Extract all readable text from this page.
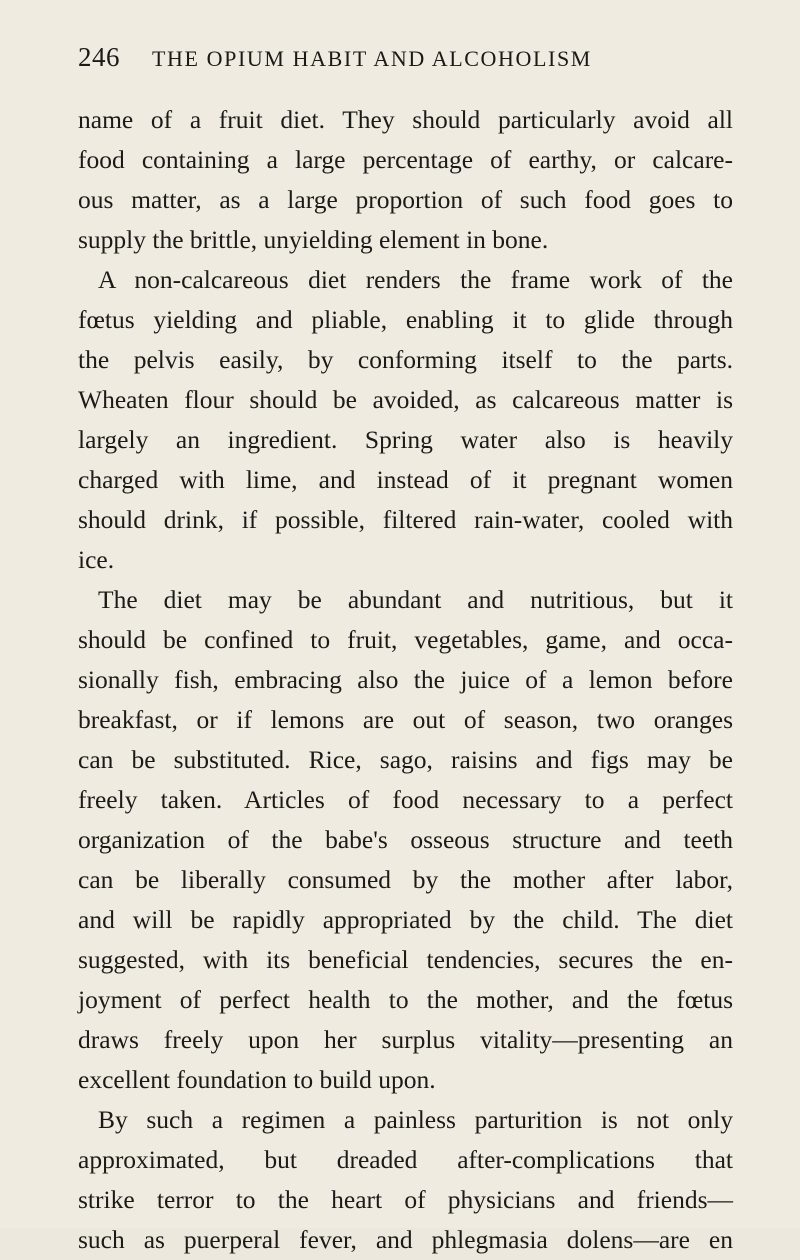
246 THE OPIUM HABIT AND ALCOHOLISM
name of a fruit diet. They should particularly avoid all
food containing a large percentage of earthy, or calcare-
ous matter, as a large proportion of such food goes to
supply the brittle, unyielding element in bone.
A non-calcareous diet renders the frame work of the
fœtus yielding and pliable, enabling it to glide through
the pelvis easily, by conforming itself to the parts.
Wheaten flour should be avoided, as calcareous matter is
largely an ingredient. Spring water also is heavily
charged with lime, and instead of it pregnant women
should drink, if possible, filtered rain-water, cooled with
ice.
The diet may be abundant and nutritious, but it
should be confined to fruit, vegetables, game, and occa-
sionally fish, embracing also the juice of a lemon before
breakfast, or if lemons are out of season, two oranges
can be substituted. Rice, sago, raisins and figs may be
freely taken. Articles of food necessary to a perfect
organization of the babe's osseous structure and teeth
can be liberally consumed by the mother after labor,
and will be rapidly appropriated by the child. The diet
suggested, with its beneficial tendencies, secures the en-
joyment of perfect health to the mother, and the fœtus
draws freely upon her surplus vitality—presenting an
excellent foundation to build upon.
By such a regimen a painless parturition is not only
approximated, but dreaded after-complications that
strike terror to the heart of physicians and friends—
such as puerperal fever, and phlegmasia dolens—are en
